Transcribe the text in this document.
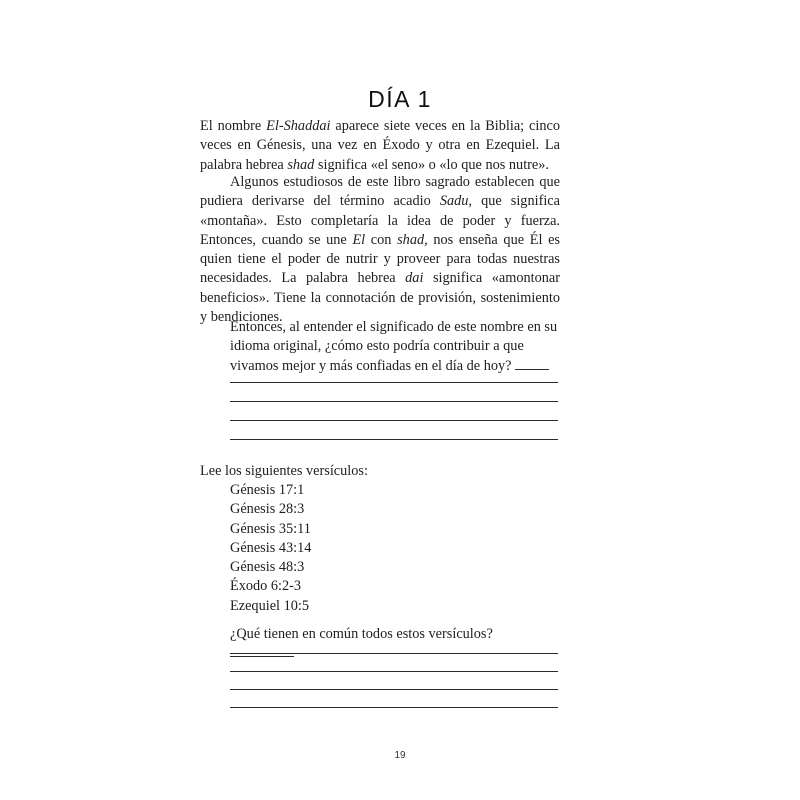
DÍA 1

El nombre El-Shaddai aparece siete veces en la Biblia; cinco veces en Génesis, una vez en Éxodo y otra en Ezequiel. La palabra hebrea shad significa «el seno» o «lo que nos nutre».

Algunos estudiosos de este libro sagrado establecen que pudiera derivarse del término acadio Sadu, que significa «montaña». Esto completaría la idea de poder y fuerza. Entonces, cuando se une El con shad, nos enseña que Él es quien tiene el poder de nutrir y proveer para todas nuestras necesidades. La palabra hebrea dai significa «amontonar beneficios». Tiene la connotación de provisión, sostenimiento y bendiciones.

Entonces, al entender el significado de este nombre en su idioma original, ¿cómo esto podría contribuir a que vivamos mejor y más confiadas en el día de hoy?
Lee los siguientes versículos:
Génesis 17:1
Génesis 28:3
Génesis 35:11
Génesis 43:14
Génesis 48:3
Éxodo 6:2-3
Ezequiel 10:5
¿Qué tienen en común todos estos versículos?
19
